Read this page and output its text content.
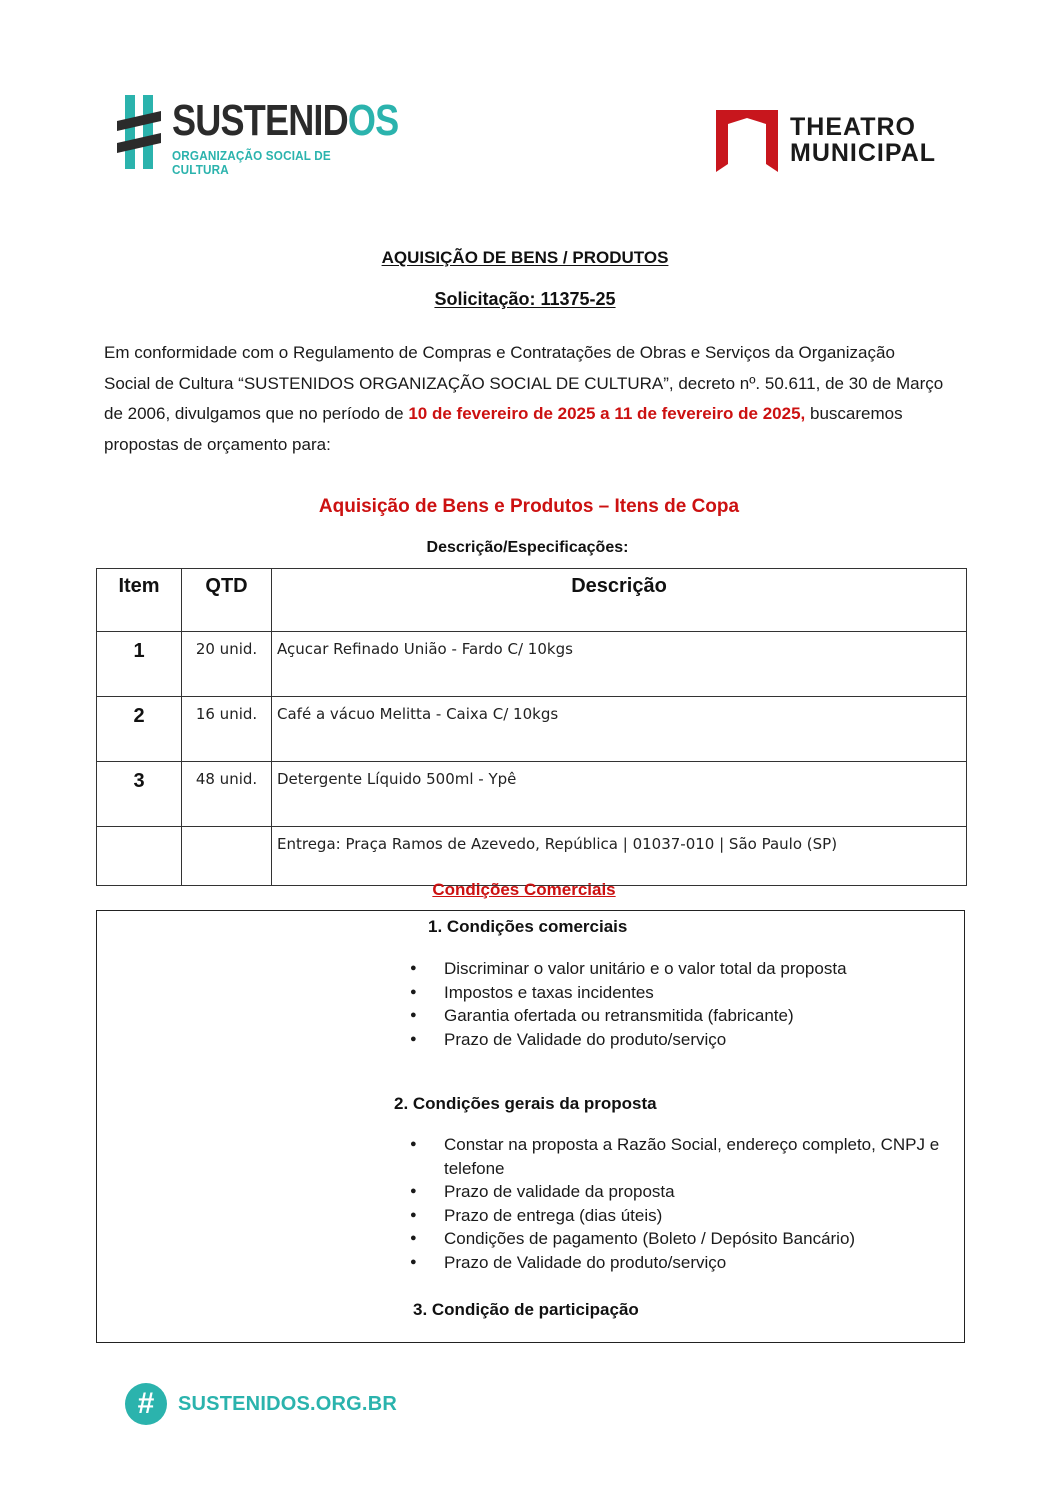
SUSTENIDOS
ORGANIZAÇÃO SOCIAL DE CULTURA
THEATRO
MUNICIPAL
AQUISIÇÃO DE BENS / PRODUTOS
Solicitação: 11375-25
Em conformidade com o Regulamento de Compras e Contratações de Obras e Serviços da Organização Social de Cultura “SUSTENIDOS ORGANIZAÇÃO SOCIAL DE CULTURA”, decreto nº. 50.611, de 30 de Março de 2006, divulgamos que no período de 10 de fevereiro de 2025 a 11 de fevereiro de 2025, buscaremos propostas de orçamento para:
Aquisição de Bens e Produtos – Itens de Copa
Descrição/Especificações:
Item	QTD	Descrição
1	20 unid.	Açucar Refinado União - Fardo C/ 10kgs
2	16 unid.	Café a vácuo Melitta - Caixa C/ 10kgs
3	48 unid.	Detergente Líquido 500ml - Ypê
		Entrega: Praça Ramos de Azevedo, República | 01037-010 | São Paulo (SP)
Condições Comerciais
1. Condições comerciais
● Discriminar o valor unitário e o valor total da proposta
● Impostos e taxas incidentes
● Garantia ofertada ou retransmitida (fabricante)
● Prazo de Validade do produto/serviço
2. Condições gerais da proposta
● Constar na proposta a Razão Social, endereço completo, CNPJ e telefone
● Prazo de validade da proposta
● Prazo de entrega (dias úteis)
● Condições de pagamento (Boleto / Depósito Bancário)
● Prazo de Validade do produto/serviço
3. Condição de participação
#	SUSTENIDOS.ORG.BR
